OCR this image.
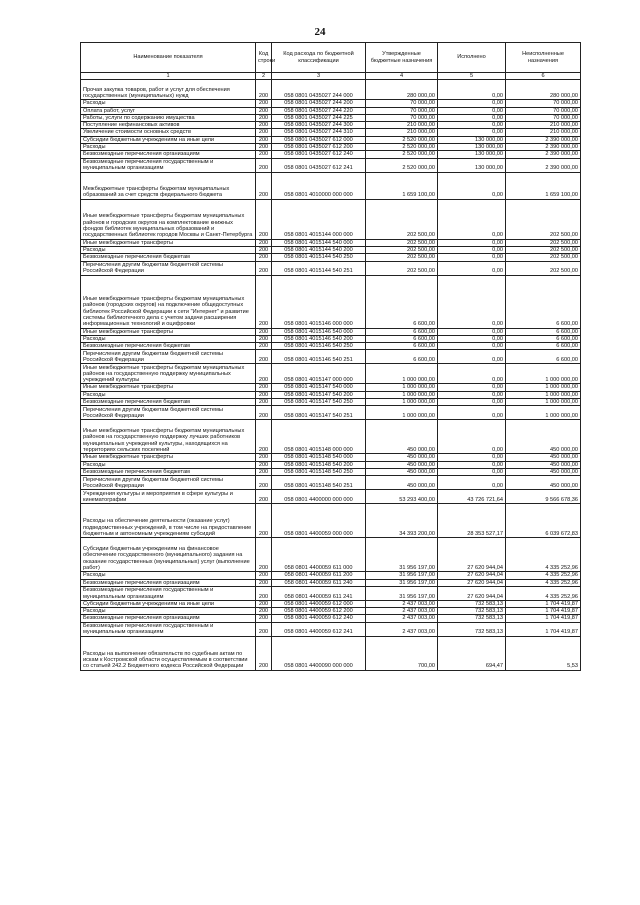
24
Наименование показателя	Код строки	Код расхода по бюджетной классификации	Утвержденные бюджетные назначения	Исполнено	Неисполненные назначения
1	2	3	4	5	6
Прочая закупка товаров, работ и услуг для обеспечения государственных (муниципальных) нужд	200	058 0801 0435027 244 000	280 000,00	0,00	280 000,00
Расходы	200	058 0801 0435027 244 200	70 000,00	0,00	70 000,00
Оплата работ, услуг	200	058 0801 0435027 244 220	70 000,00	0,00	70 000,00
Работы, услуги по содержанию имущества	200	058 0801 0435027 244 225	70 000,00	0,00	70 000,00
Поступление нефинансовых активов	200	058 0801 0435027 244 300	210 000,00	0,00	210 000,00
Увеличение стоимости основных средств	200	058 0801 0435027 244 310	210 000,00	0,00	210 000,00
Субсидии бюджетным учреждениям на иные цели	200	058 0801 0435027 612 000	2 520 000,00	130 000,00	2 390 000,00
Расходы	200	058 0801 0435027 612 200	2 520 000,00	130 000,00	2 390 000,00
Безвозмездные перечисления организациям	200	058 0801 0435027 612 240	2 520 000,00	130 000,00	2 390 000,00
Безвозмездные перечисления государственным и муниципальным организациям	200	058 0801 0435027 612 241	2 520 000,00	130 000,00	2 390 000,00
Межбюджетные трансферты бюджетам муниципальных образований за счет средств федерального бюджета	200	058 0801 4010000 000 000	1 659 100,00	0,00	1 659 100,00
Иные межбюджетные трансферты бюджетам муниципальных районов и городских округов на комплектование книжных фондов библиотек муниципальных образований и государственных библиотек городов Москвы и Санкт-Петербурга	200	058 0801 4015144 000 000	202 500,00	0,00	202 500,00
Иные межбюджетные трансферты	200	058 0801 4015144 540 000	202 500,00	0,00	202 500,00
Расходы	200	058 0801 4015144 540 200	202 500,00	0,00	202 500,00
Безвозмездные перечисления бюджетам	200	058 0801 4015144 540 250	202 500,00	0,00	202 500,00
Перечисления другим бюджетам бюджетной системы Российской Федерации	200	058 0801 4015144 540 251	202 500,00	0,00	202 500,00
Иные межбюджетные трансферты бюджетам муниципальных районов (городских округов) на подключение общедоступных библиотек Российской Федерации к сети "Интернет" и развитие системы библиотечного дела с учетом задачи расширения информационных технологий и оцифровки	200	058 0801 4015146 000 000	6 600,00	0,00	6 600,00
Иные межбюджетные трансферты	200	058 0801 4015146 540 000	6 600,00	0,00	6 600,00
Расходы	200	058 0801 4015146 540 200	6 600,00	0,00	6 600,00
Безвозмездные перечисления бюджетам	200	058 0801 4015146 540 250	6 600,00	0,00	6 600,00
Перечисления другим бюджетам бюджетной системы Российской Федерации	200	058 0801 4015146 540 251	6 600,00	0,00	6 600,00
Иные межбюджетные трансферты бюджетам муниципальных районов на государственную поддержку муниципальных учреждений культуры	200	058 0801 4015147 000 000	1 000 000,00	0,00	1 000 000,00
Иные межбюджетные трансферты	200	058 0801 4015147 540 000	1 000 000,00	0,00	1 000 000,00
Расходы	200	058 0801 4015147 540 200	1 000 000,00	0,00	1 000 000,00
Безвозмездные перечисления бюджетам	200	058 0801 4015147 540 250	1 000 000,00	0,00	1 000 000,00
Перечисления другим бюджетам бюджетной системы Российской Федерации	200	058 0801 4015147 540 251	1 000 000,00	0,00	1 000 000,00
Иные межбюджетные трансферты бюджетам муниципальных районов на государственную поддержку лучших работников муниципальных учреждений культуры, находящихся на территориях сельских поселений	200	058 0801 4015148 000 000	450 000,00	0,00	450 000,00
Иные межбюджетные трансферты	200	058 0801 4015148 540 000	450 000,00	0,00	450 000,00
Расходы	200	058 0801 4015148 540 200	450 000,00	0,00	450 000,00
Безвозмездные перечисления бюджетам	200	058 0801 4015148 540 250	450 000,00	0,00	450 000,00
Перечисления другим бюджетам бюджетной системы Российской Федерации	200	058 0801 4015148 540 251	450 000,00	0,00	450 000,00
Учреждения культуры и мероприятия в сфере культуры и кинематографии	200	058 0801 4400000 000 000	53 293 400,00	43 726 721,64	9 566 678,36
Расходы на обеспечение деятельности (оказание услуг) подведомственных учреждений, в том числе на предоставление бюджетным и автономным учреждениям субсидий	200	058 0801 4400059 000 000	34 393 200,00	28 353 527,17	6 039 672,83
Субсидии бюджетным учреждениям на финансовое обеспечение государственного (муниципального) задания на оказание государственных (муниципальных) услуг (выполнение работ)	200	058 0801 4400059 611 000	31 956 197,00	27 620 944,04	4 335 252,96
Расходы	200	058 0801 4400059 611 200	31 956 197,00	27 620 944,04	4 335 252,96
Безвозмездные перечисления организациям	200	058 0801 4400059 611 240	31 956 197,00	27 620 944,04	4 335 252,96
Безвозмездные перечисления государственным и муниципальным организациям	200	058 0801 4400059 611 241	31 956 197,00	27 620 944,04	4 335 252,96
Субсидии бюджетным учреждениям на иные цели	200	058 0801 4400059 612 000	2 437 003,00	732 583,13	1 704 419,87
Расходы	200	058 0801 4400059 612 200	2 437 003,00	732 583,13	1 704 419,87
Безвозмездные перечисления организациям	200	058 0801 4400059 612 240	2 437 003,00	732 583,13	1 704 419,87
Безвозмездные перечисления государственным и муниципальным организациям	200	058 0801 4400059 612 241	2 437 003,00	732 583,13	1 704 419,87
Расходы на выполнение обязательств по судебным актам по искам к Костромской области осуществляемым в соответствии со статьей 242.2 Бюджетного кодекса Российской Федерации	200	058 0801 4400090 000 000	700,00	694,47	5,53
